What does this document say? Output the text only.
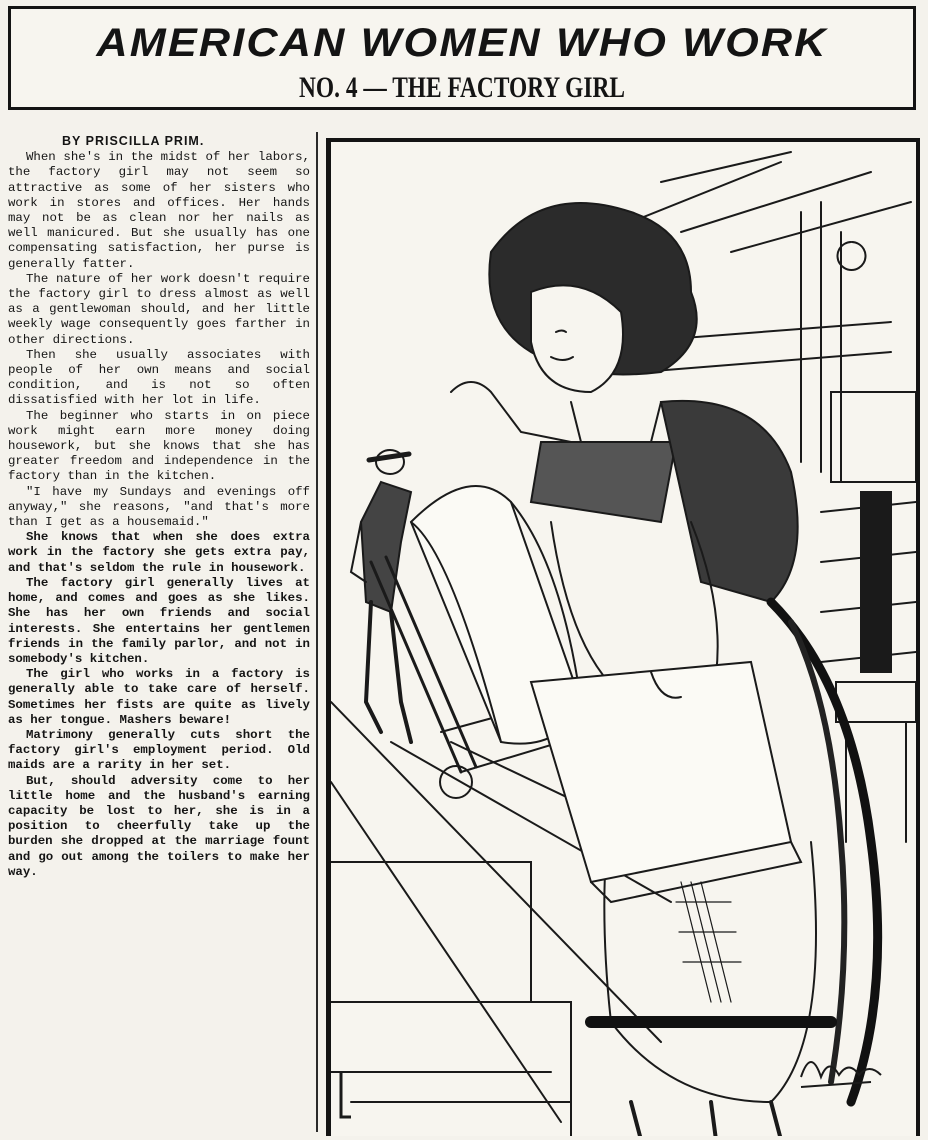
AMERICAN WOMEN WHO WORK
NO. 4 — THE FACTORY GIRL
BY PRISCILLA PRIM.

When she's in the midst of her labors, the factory girl may not seem so attractive as some of her sisters who work in stores and offices. Her hands may not be as clean nor her nails as well manicured. But she usually has one compensating satisfaction, her purse is generally fatter.

The nature of her work doesn't require the factory girl to dress almost as well as a gentlewoman should, and her little weekly wage consequently goes farther in other directions.

Then she usually associates with people of her own means and social condition, and is not so often dissatisfied with her lot in life.

The beginner who starts in on piece work might earn more money doing housework, but she knows that she has greater freedom and independence in the factory than in the kitchen.

"I have my Sundays and evenings off anyway," she reasons, "and that's more than I get as a housemaid."

She knows that when she does extra work in the factory she gets extra pay, and that's seldom the rule in housework.

The factory girl generally lives at home, and comes and goes as she likes. She has her own friends and social interests. She entertains her gentlemen friends in the family parlor, and not in somebody's kitchen.

The girl who works in a factory is generally able to take care of herself. Sometimes her fists are quite as lively as her tongue. Mashers beware!

Matrimony generally cuts short the factory girl's employment period. Old maids are a rarity in her set.

But, should adversity come to her little home and the husband's earning capacity be lost to her, she is in a position to cheerfully take up the burden she dropped at the marriage fount and go out among the toilers to make her way.
